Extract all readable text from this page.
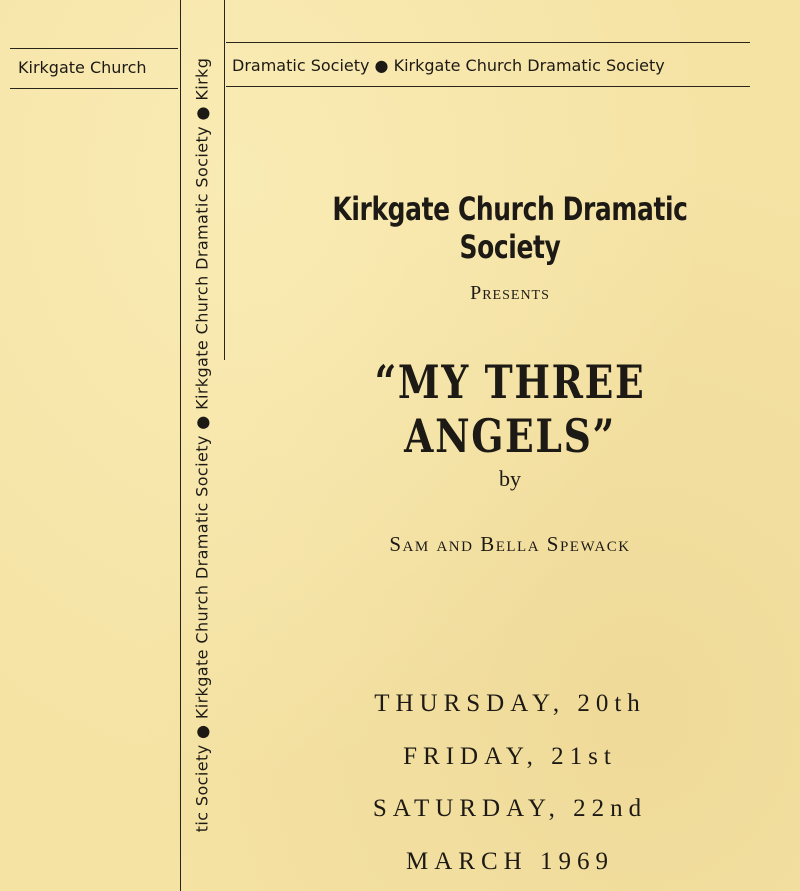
Kirkgate Church	Dramatic Society ● Kirkgate Church Dramatic Society
tic Society ● Kirkgate Church Dramatic Society ● Kirkgate Church Dramatic Society ● Kirkg	Kirkgate Church Dramatic Society
Presents
“MY THREE ANGELS”
by
Sam and Bella Spewack
THURSDAY, 20th
FRIDAY, 21st
SATURDAY, 22nd
MARCH 1969
